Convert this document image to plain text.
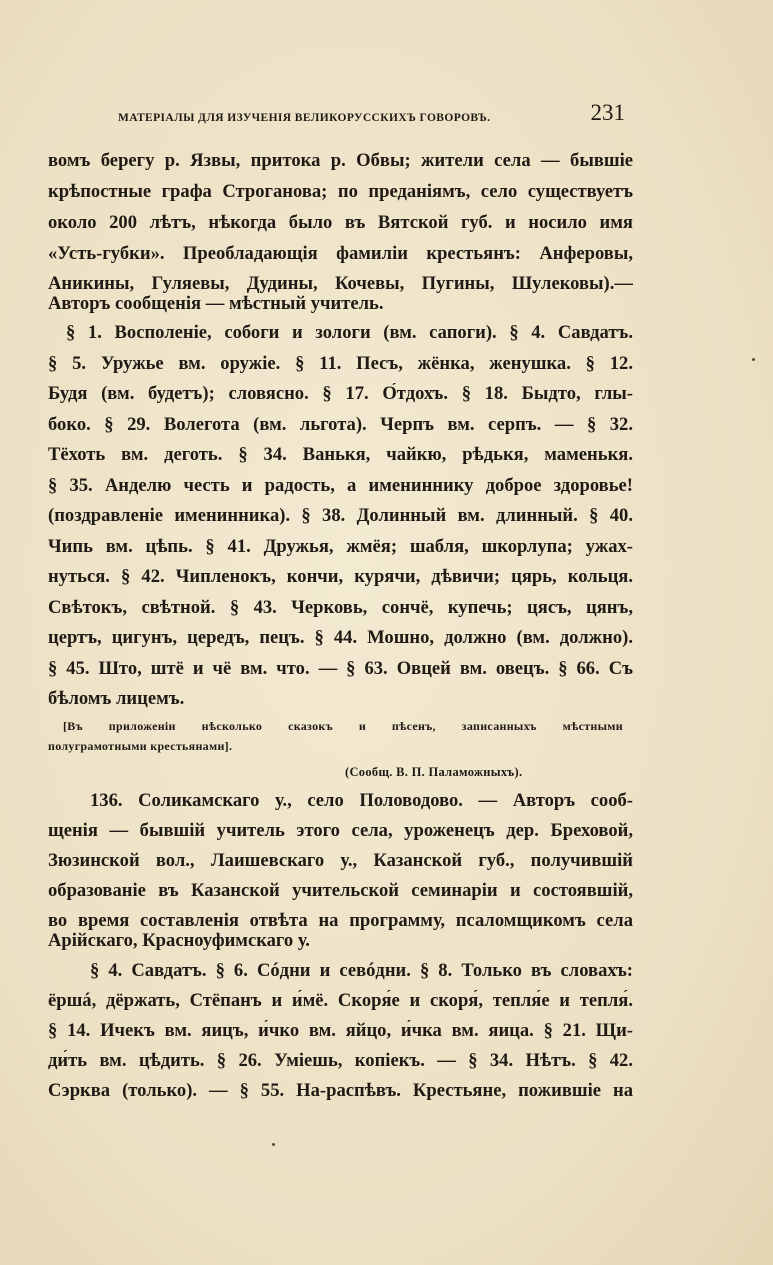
МАТЕРІАЛЫ ДЛЯ ИЗУЧЕНІЯ ВЕЛИКОРУССКИХЪ ГОВОРОВЪ.	231
вомъ берегу р. Язвы, притока р. Обвы; жители села — бывшіе
крѣпостные графа Строганова; по преданіямъ, село существуетъ
около 200 лѣтъ, нѣкогда было въ Вятской губ. и носило имя
«Усть-губки». Преобладающія фамиліи крестьянъ: Анферовы,
Аникины, Гуляевы, Дудины, Кочевы, Пугины, Шулековы).—
Авторъ сообщенія — мѣстный учитель.
§ 1. Восполеніе, собоги и зологи (вм. сапоги). § 4. Савдатъ.
§ 5. Уружье вм. оружіе. § 11. Песъ, жёнка, женушка. § 12.
Будя (вм. будетъ); словясно. § 17. О́тдохъ. § 18. Быдто, глы-
боко. § 29. Волегота (вм. льгота). Черпъ вм. серпъ. — § 32.
Тёхоть вм. деготь. § 34. Ванькя, чайкю, рѣдькя, маменькя.
§ 35. Анделю честь и радость, а имениннику доброе здоровье!
(поздравленіе именинника). § 38. Долинный вм. длинный. § 40.
Чипь вм. цѣпь. § 41. Дружья, жмёя; шабля, шкорлупа; ужах-
нуться. § 42. Чипленокъ, кончи, курячи, дѣвичи; цярь, кольця.
Свѣтокъ, свѣтной. § 43. Черковь, сончё, купечь; цясъ, цянъ,
цертъ, цигунъ, цередъ, пецъ. § 44. Мошно, должно (вм. должно).
§ 45. Што, штё и чё вм. что. — § 63. Овцей вм. овецъ. § 66. Съ
бѣломъ лицемъ.
[Въ приложеніи нѣсколько сказокъ и пѣсенъ, записанныхъ мѣстными
полуграмотными крестьянами].
(Сообщ. В. П. Паламожныхъ).
136. Соликамскаго у., село Половодово. — Авторъ сооб-
щенія — бывшій учитель этого села, уроженецъ дер. Бреховой,
Зюзинской вол., Лаишевскаго у., Казанской губ., получившій
образованіе въ Казанской учительской семинаріи и состоявшій,
во время составленія отвѣта на программу, псаломщикомъ села
Арійскаго, Красноуфимскаго у.
§ 4. Савдатъ. § 6. Сóдни и севóдни. § 8. Только въ словахъ:
ёршá, дёржать, Стёпанъ и и́мё. Скоря́е и скоря́, тепля́е и тепля́.
§ 14. Ичекъ вм. яицъ, и́чко вм. яйцо, и́чка вм. яица. § 21. Щи-
ди́ть вм. цѣдить. § 26. Уміешь, копіекъ. — § 34. Нѣтъ. § 42.
Сэрква (только). — § 55. На-распѣвъ. Крестьяне, пожившіе на
